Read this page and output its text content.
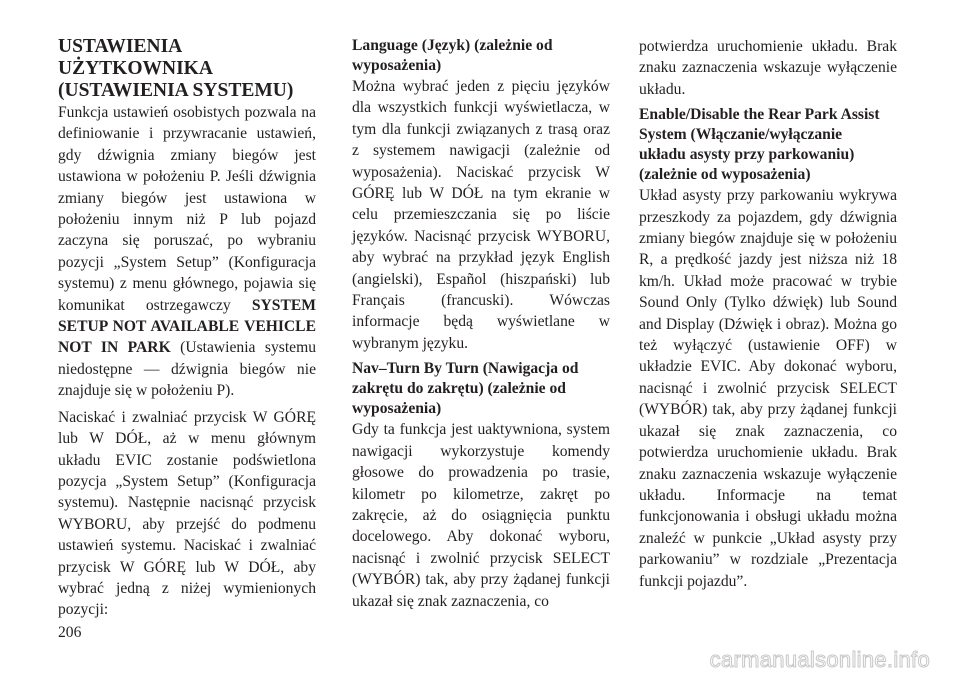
USTAWIENIA
UŻYTKOWNIKA
(USTAWIENIA SYSTEMU)

Funkcja ustawień osobistych pozwala na definiowanie i przywracanie ustawień, gdy dźwignia zmiany biegów jest ustawiona w położeniu P. Jeśli dźwignia zmiany biegów jest ustawiona w położeniu innym niż P lub pojazd zaczyna się poruszać, po wybraniu pozycji „System Setup” (Konfiguracja systemu) z menu głównego, pojawia się komunikat ostrzegawczy SYSTEM SETUP NOT AVAILABLE VEHICLE NOT IN PARK (Ustawienia systemu niedostępne — dźwignia biegów nie znajduje się w położeniu P).

Naciskać i zwalniać przycisk W GÓRĘ lub W DÓŁ, aż w menu głównym układu EVIC zostanie podświetlona pozycja „System Setup” (Konfiguracja systemu). Następnie nacisnąć przycisk WYBORU, aby przejść do podmenu ustawień systemu. Naciskać i zwalniać przycisk W GÓRĘ lub W DÓŁ, aby wybrać jedną z niżej wymienionych pozycji:

Language (Język) (zależnie od
wyposażenia)

Można wybrać jeden z pięciu języków dla wszystkich funkcji wyświetlacza, w tym dla funkcji związanych z trasą oraz z systemem nawigacji (zależnie od wyposażenia). Naciskać przycisk W GÓRĘ lub W DÓŁ na tym ekranie w celu przemieszczania się po liście języków. Nacisnąć przycisk WYBORU, aby wybrać na przykład język English (angielski), Español (hiszpański) lub Français (francuski). Wówczas informacje będą wyświetlane w wybranym języku.

Nav–Turn By Turn (Nawigacja od
zakrętu do zakrętu) (zależnie od
wyposażenia)

Gdy ta funkcja jest uaktywniona, system nawigacji wykorzystuje komendy głosowe do prowadzenia po trasie, kilometr po kilometrze, zakręt po zakręcie, aż do osiągnięcia punktu docelowego. Aby dokonać wyboru, nacisnąć i zwolnić przycisk SELECT (WYBÓR) tak, aby przy żądanej funkcji ukazał się znak zaznaczenia, co

potwierdza uruchomienie układu. Brak znaku zaznaczenia wskazuje wyłączenie układu.

Enable/Disable the Rear Park Assist
System (Włączanie/wyłączanie
układu asysty przy parkowaniu)
(zależnie od wyposażenia)

Układ asysty przy parkowaniu wykrywa przeszkody za pojazdem, gdy dźwignia zmiany biegów znajduje się w położeniu R, a prędkość jazdy jest niższa niż 18 km/h. Układ może pracować w trybie Sound Only (Tylko dźwięk) lub Sound and Display (Dźwięk i obraz). Można go też wyłączyć (ustawienie OFF) w układzie EVIC. Aby dokonać wyboru, nacisnąć i zwolnić przycisk SELECT (WYBÓR) tak, aby przy żądanej funkcji ukazał się znak zaznaczenia, co potwierdza uruchomienie układu. Brak znaku zaznaczenia wskazuje wyłączenie układu. Informacje na temat funkcjonowania i obsługi układu można znaleźć w punkcie „Układ asysty przy parkowaniu” w rozdziale „Prezentacja funkcji pojazdu”.

206
carmanualsonline.info
